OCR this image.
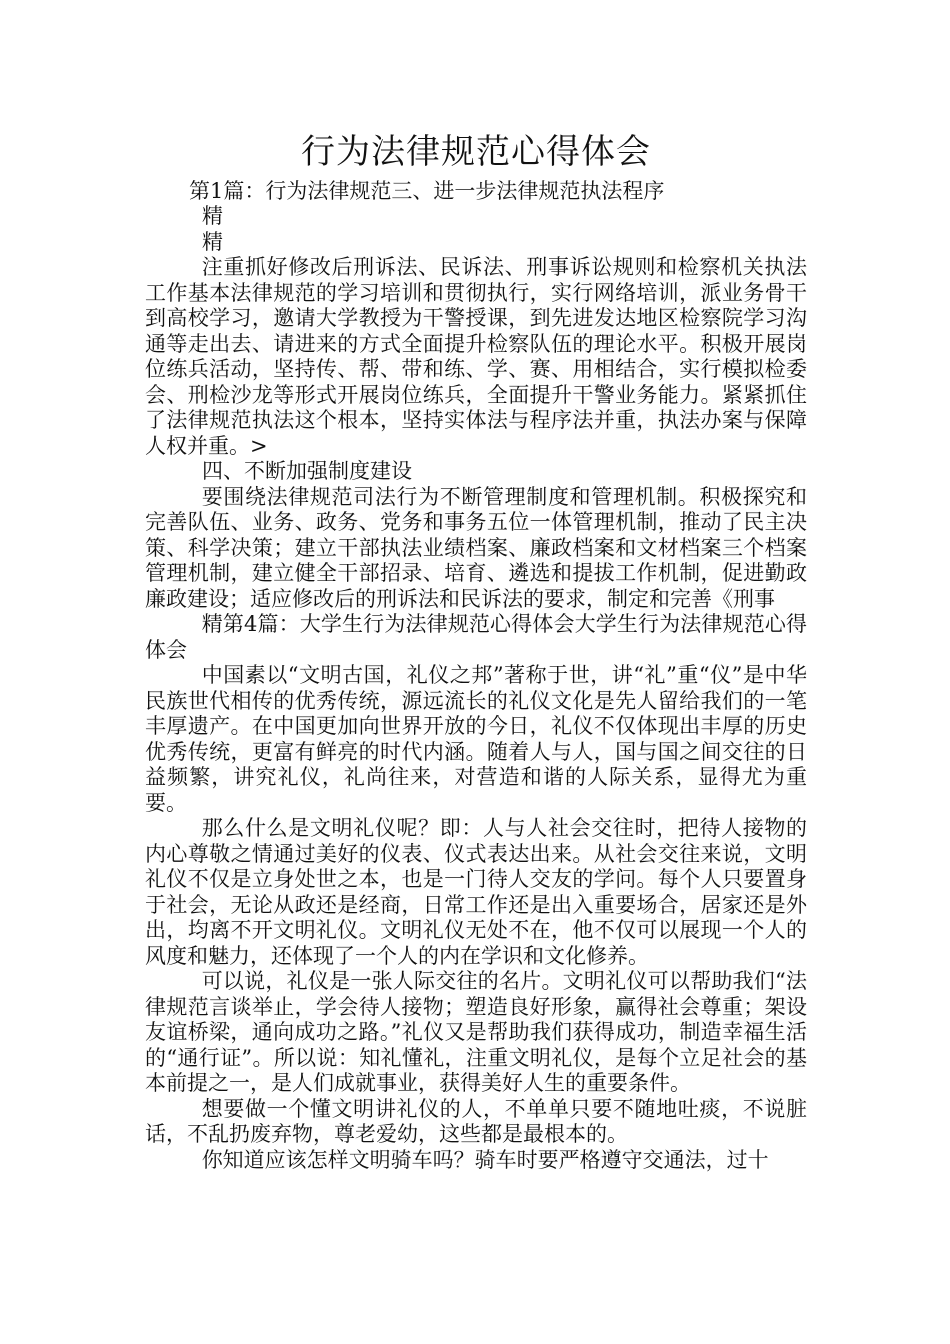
行为法律规范心得体会
第1篇：行为法律规范三、进一步法律规范执法程序
精
精

注重抓好修改后刑诉法、民诉法、刑事诉讼规则和检察机关执法工作基本法律规范的学习培训和贯彻执行，实行网络培训，派业务骨干到高校学习，邀请大学教授为干警授课，到先进发达地区检察院学习沟通等走出去、请进来的方式全面提升检察队伍的理论水平。积极开展岗位练兵活动，坚持传、帮、带和练、学、赛、用相结合，实行模拟检委会、刑检沙龙等形式开展岗位练兵，全面提升干警业务能力。紧紧抓住了法律规范执法这个根本，坚持实体法与程序法并重，执法办案与保障人权并重。>

四、不断加强制度建设

要围绕法律规范司法行为不断管理制度和管理机制。积极探究和完善队伍、业务、政务、党务和事务五位一体管理机制，推动了民主决策、科学决策；建立干部执法业绩档案、廉政档案和文材档案三个档案管理机制，建立健全干部招录、培育、遴选和提拔工作机制，促进勤政廉政建设；适应修改后的刑诉法和民诉法的要求，制定和完善《刑事

精第4篇：大学生行为法律规范心得体会大学生行为法律规范心得体会

中国素以“文明古国，礼仪之邦”著称于世，讲“礼”重“仪”是中华民族世代相传的优秀传统，源远流长的礼仪文化是先人留给我们的一笔丰厚遗产。在中国更加向世界开放的今日，礼仪不仅体现出丰厚的历史优秀传统，更富有鲜亮的时代内涵。随着人与人，国与国之间交往的日益频繁，讲究礼仪，礼尚往来，对营造和谐的人际关系，显得尤为重要。

那么什么是文明礼仪呢？即：人与人社会交往时，把待人接物的内心尊敬之情通过美好的仪表、仪式表达出来。从社会交往来说，文明礼仪不仅是立身处世之本，也是一门待人交友的学问。每个人只要置身于社会，无论从政还是经商，日常工作还是出入重要场合，居家还是外出，均离不开文明礼仪。文明礼仪无处不在，他不仅可以展现一个人的风度和魅力，还体现了一个人的内在学识和文化修养。

可以说，礼仪是一张人际交往的名片。文明礼仪可以帮助我们“法律规范言谈举止，学会待人接物；塑造良好形象，赢得社会尊重；架设友谊桥梁，通向成功之路。”礼仪又是帮助我们获得成功，制造幸福生活的“通行证”。所以说：知礼懂礼，注重文明礼仪，是每个立足社会的基本前提之一，是人们成就事业，获得美好人生的重要条件。

想要做一个懂文明讲礼仪的人，不单单只要不随地吐痰，不说脏话，不乱扔废弃物，尊老爱幼，这些都是最根本的。

你知道应该怎样文明骑车吗？骑车时要严格遵守交通法，过十
